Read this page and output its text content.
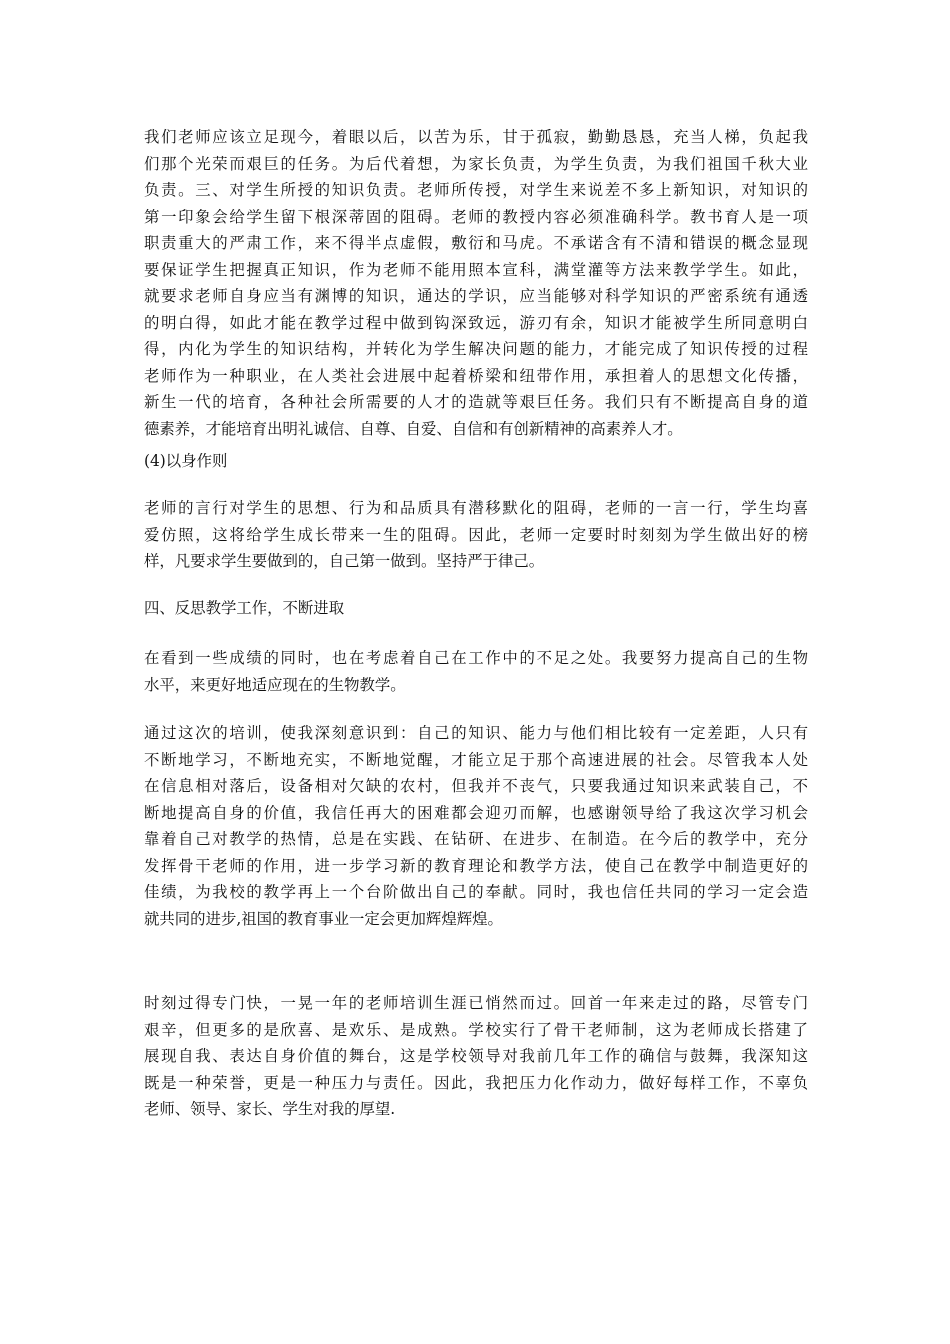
我们老师应该立足现今，着眼以后，以苦为乐，甘于孤寂，勤勤恳恳，充当人梯，负起我
们那个光荣而艰巨的任务。为后代着想，为家长负责，为学生负责，为我们祖国千秋大业
负责。三、对学生所授的知识负责。老师所传授，对学生来说差不多上新知识，对知识的
第一印象会给学生留下根深蒂固的阻碍。老师的教授内容必须准确科学。教书育人是一项
职责重大的严肃工作，来不得半点虚假，敷衍和马虎。不承诺含有不清和错误的概念显现
要保证学生把握真正知识，作为老师不能用照本宣科，满堂灌等方法来教学学生。如此，
就要求老师自身应当有渊博的知识，通达的学识，应当能够对科学知识的严密系统有通透
的明白得，如此才能在教学过程中做到钩深致远，游刃有余，知识才能被学生所同意明白
得，内化为学生的知识结构，并转化为学生解决问题的能力，才能完成了知识传授的过程
老师作为一种职业，在人类社会进展中起着桥梁和纽带作用，承担着人的思想文化传播，
新生一代的培育，各种社会所需要的人才的造就等艰巨任务。我们只有不断提高自身的道
德素养，才能培育出明礼诚信、自尊、自爱、自信和有创新精神的高素养人才。
(4)以身作则
老师的言行对学生的思想、行为和品质具有潜移默化的阻碍，老师的一言一行，学生均喜
爱仿照，这将给学生成长带来一生的阻碍。因此，老师一定要时时刻刻为学生做出好的榜
样，凡要求学生要做到的，自己第一做到。坚持严于律己。
四、反思教学工作，不断进取
在看到一些成绩的同时，也在考虑着自己在工作中的不足之处。我要努力提高自己的生物
水平，来更好地适应现在的生物教学。
通过这次的培训，使我深刻意识到：自己的知识、能力与他们相比较有一定差距，人只有
不断地学习，不断地充实，不断地觉醒，才能立足于那个高速进展的社会。尽管我本人处
在信息相对落后，设备相对欠缺的农村，但我并不丧气，只要我通过知识来武装自己，不
断地提高自身的价值，我信任再大的困难都会迎刃而解，也感谢领导给了我这次学习机会
靠着自己对教学的热情，总是在实践、在钻研、在进步、在制造。在今后的教学中，充分
发挥骨干老师的作用，进一步学习新的教育理论和教学方法，使自己在教学中制造更好的
佳绩，为我校的教学再上一个台阶做出自己的奉献。同时，我也信任共同的学习一定会造
就共同的进步,祖国的教育事业一定会更加辉煌辉煌。
时刻过得专门快，一晃一年的老师培训生涯已悄然而过。回首一年来走过的路，尽管专门
艰辛，但更多的是欣喜、是欢乐、是成熟。学校实行了骨干老师制，这为老师成长搭建了
展现自我、表达自身价值的舞台，这是学校领导对我前几年工作的确信与鼓舞，我深知这
既是一种荣誉，更是一种压力与责任。因此，我把压力化作动力，做好每样工作，不辜负
老师、领导、家长、学生对我的厚望.
